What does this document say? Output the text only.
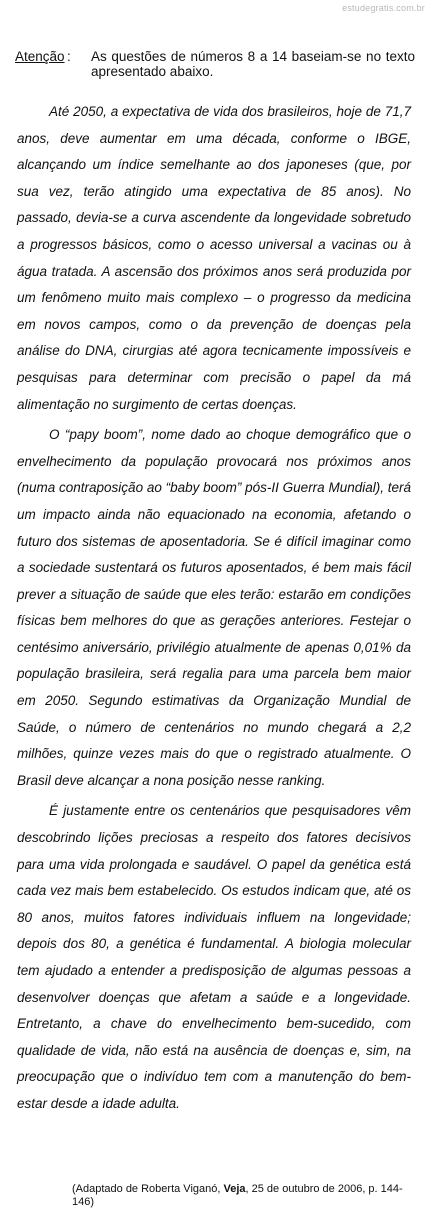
estudegratis.com.br
Atenção : As questões de números 8 a 14 baseiam-se no texto apresentado abaixo.

Até 2050, a expectativa de vida dos brasileiros, hoje de 71,7 anos, deve aumentar em uma década, conforme o IBGE, alcançando um índice semelhante ao dos japoneses (que, por sua vez, terão atingido uma expectativa de 85 anos). No passado, devia-se a curva ascendente da longevidade sobretudo a progressos básicos, como o acesso universal a vacinas ou à água tratada. A ascensão dos próximos anos será produzida por um fenômeno muito mais complexo – o progresso da medicina em novos campos, como o da prevenção de doenças pela análise do DNA, cirurgias até agora tecnicamente impossíveis e pesquisas para determinar com precisão o papel da má alimentação no surgimento de certas doenças.

O “papy boom”, nome dado ao choque demográfico que o envelhecimento da população provocará nos próximos anos (numa contraposição ao “baby boom” pós-II Guerra Mundial), terá um impacto ainda não equacionado na economia, afetando o futuro dos sistemas de aposentadoria. Se é difícil imaginar como a sociedade sustentará os futuros aposentados, é bem mais fácil prever a situação de saúde que eles terão: estarão em condições físicas bem melhores do que as gerações anteriores. Festejar o centésimo aniversário, privilégio atualmente de apenas 0,01% da população brasileira, será regalia para uma parcela bem maior em 2050. Segundo estimativas da Organização Mundial de Saúde, o número de centenários no mundo chegará a 2,2 milhões, quinze vezes mais do que o registrado atualmente. O Brasil deve alcançar a nona posição nesse ranking.

É justamente entre os centenários que pesquisadores vêm descobrindo lições preciosas a respeito dos fatores decisivos para uma vida prolongada e saudável. O papel da genética está cada vez mais bem estabelecido. Os estudos indicam que, até os 80 anos, muitos fatores individuais influem na longevidade; depois dos 80, a genética é fundamental. A biologia molecular tem ajudado a entender a predisposição de algumas pessoas a desenvolver doenças que afetam a saúde e a longevidade. Entretanto, a chave do envelhecimento bem-sucedido, com qualidade de vida, não está na ausência de doenças e, sim, na preocupação que o indivíduo tem com a manutenção do bem-estar desde a idade adulta.

(Adaptado de Roberta Viganó, Veja, 25 de outubro de 2006, p. 144-146)
